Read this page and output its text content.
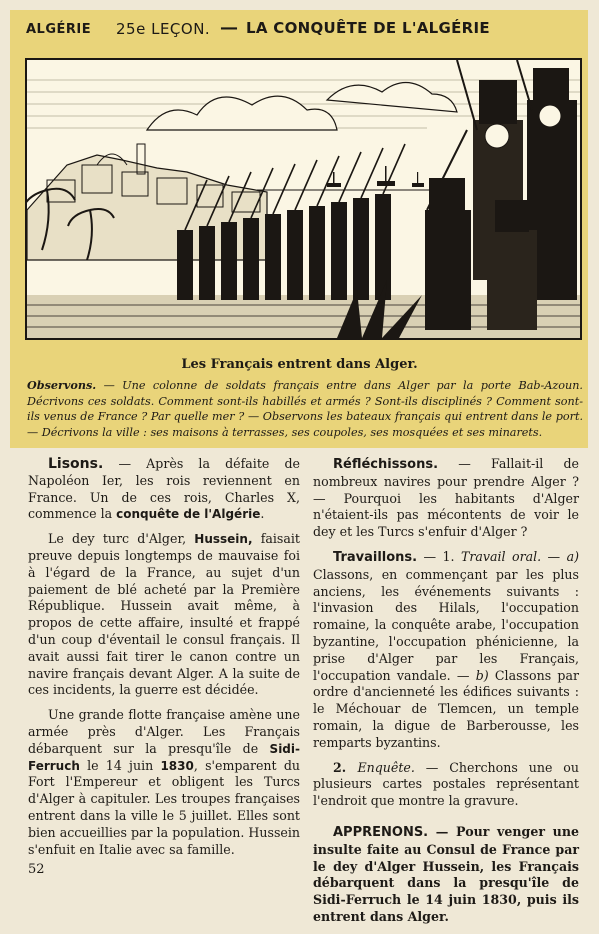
ALGÉRIE 25e LEÇON. — LA CONQUÊTE DE L'ALGÉRIE
Les Français entrent dans Alger.
Observons. — Une colonne de soldats français entre dans Alger par la porte Bab-Azoun. Décrivons ces soldats. Comment sont-ils habillés et armés ? Sont-ils disciplinés ? Comment sont-ils venus de France ? Par quelle mer ? — Observons les bateaux français qui entrent dans le port. — Décrivons la ville : ses maisons à terrasses, ses coupoles, ses mosquées et ses minarets.

Lisons. — Après la défaite de Napoléon Ier, les rois reviennent en France. Un de ces rois, Charles X, commence la conquête de l'Algérie.

Le dey turc d'Alger, Hussein, faisait preuve depuis longtemps de mauvaise foi à l'égard de la France, au sujet d'un paiement de blé acheté par la Première République. Hussein avait même, à propos de cette affaire, insulté et frappé d'un coup d'éventail le consul français. Il avait aussi fait tirer le canon contre un navire français devant Alger. A la suite de ces incidents, la guerre est décidée.

Une grande flotte française amène une armée près d'Alger. Les Français débarquent sur la presqu'île de Sidi-Ferruch le 14 juin 1830, s'emparent du Fort l'Empereur et obligent les Turcs d'Alger à capituler. Les troupes françaises entrent dans la ville le 5 juillet. Elles sont bien accueillies par la population. Hussein s'enfuit en Italie avec sa famille.

Réfléchissons. — Fallait-il de nombreux navires pour prendre Alger ? — Pourquoi les habitants d'Alger n'étaient-ils pas mécontents de voir le dey et les Turcs s'enfuir d'Alger ?

Travaillons. — 1. Travail oral. — a) Classons, en commençant par les plus anciens, les événements suivants : l'invasion des Hilals, l'occupation romaine, la conquête arabe, l'occupation byzantine, l'occupation phénicienne, la prise d'Alger par les Français, l'occupation vandale. — b) Classons par ordre d'ancienneté les édifices suivants : le Méchouar de Tlemcen, un temple romain, la digue de Barberousse, les remparts byzantins.

2. Enquête. — Cherchons une ou plusieurs cartes postales représentant l'endroit que montre la gravure.

APPRENONS. — Pour venger une insulte faite au Consul de France par le dey d'Alger Hussein, les Français débarquent dans la presqu'île de Sidi-Ferruch le 14 juin 1830, puis ils entrent dans Alger.

52
